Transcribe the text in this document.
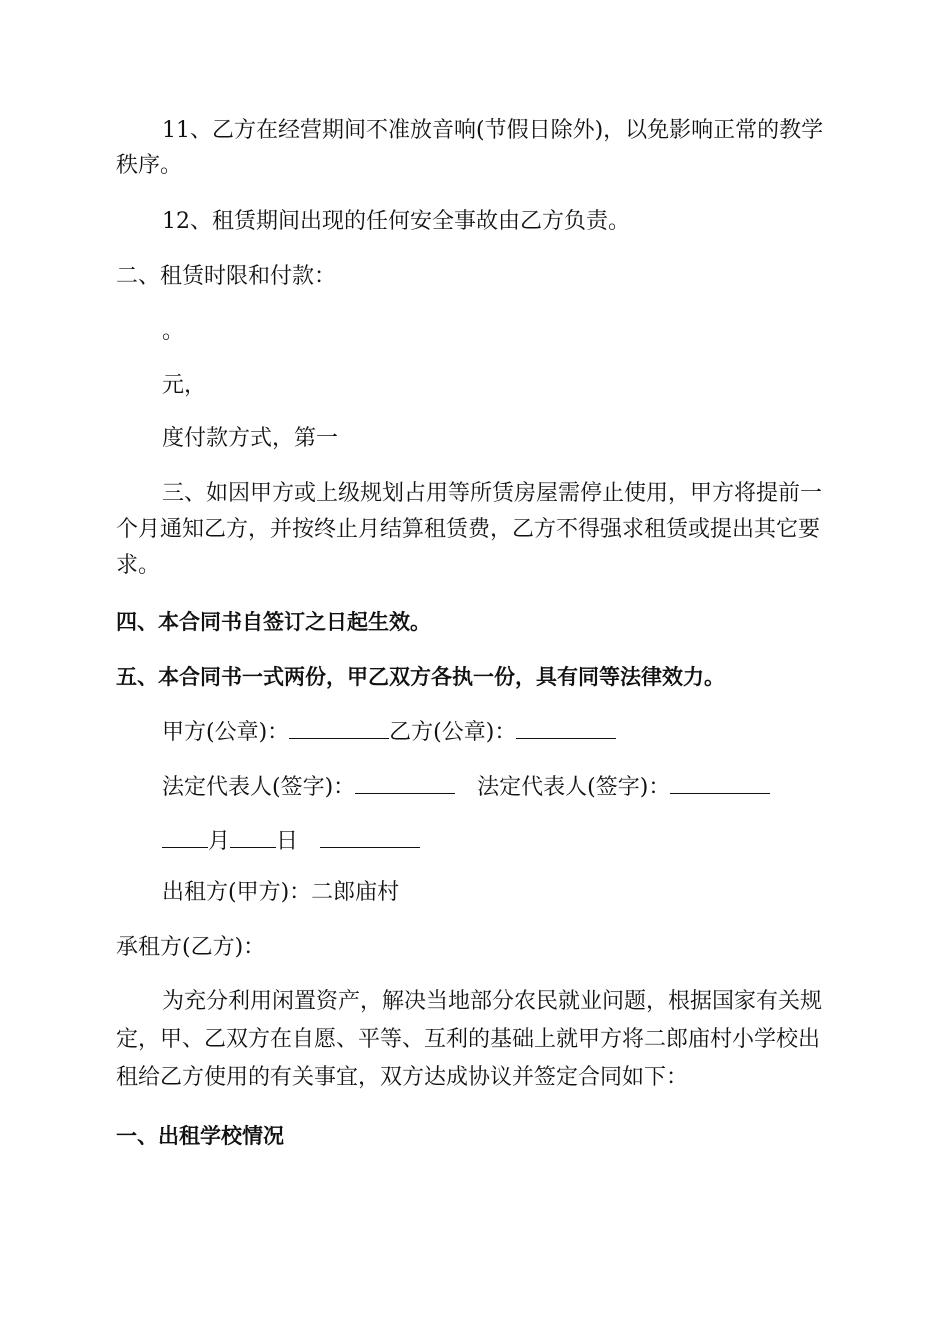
11、乙方在经营期间不准放音响(节假日除外)，以免影响正常的教学
秩序。
12、租赁期间出现的任何安全事故由乙方负责。
二、租赁时限和付款：
。
元，
度付款方式，第一
三、如因甲方或上级规划占用等所赁房屋需停止使用，甲方将提前一
个月通知乙方，并按终止月结算租赁费，乙方不得强求租赁或提出其它要
求。
四、本合同书自签订之日起生效。
五、本合同书一式两份，甲乙双方各执一份，具有同等法律效力。
甲方(公章)：	乙方(公章)：
法定代表人(签字)：	法定代表人(签字)：
月 日
出租方(甲方)：二郎庙村
承租方(乙方)：
为充分利用闲置资产，解决当地部分农民就业问题，根据国家有关规
定，甲、乙双方在自愿、平等、互利的基础上就甲方将二郎庙村小学校出
租给乙方使用的有关事宜，双方达成协议并签定合同如下：
一、出租学校情况
